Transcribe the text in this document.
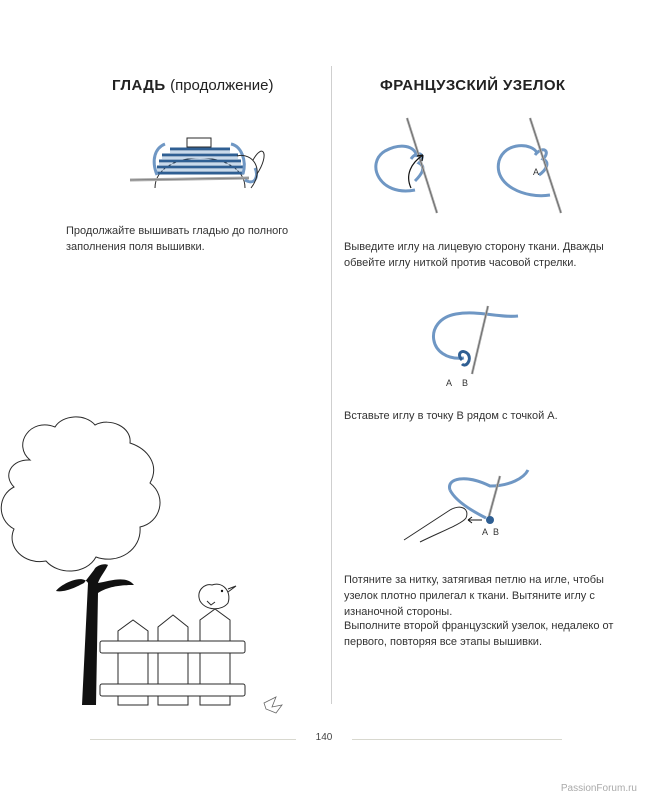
ГЛАДЬ (продолжение)	ФРАНЦУЗСКИЙ УЗЕЛОК
Продолжайте вышивать гладью до полного заполнения поля вышивки.
A
Выведите иглу на лицевую сторону ткани. Дважды обвейте иглу ниткой против часовой стрелки.
A B
Вставьте иглу в точку B рядом с точкой A.
A B
Потяните за нитку, затягивая петлю на игле, чтобы узелок плотно прилегал к ткани. Вытяните иглу с изнаночной стороны.
Выполните второй французский узелок, недалеко от первого, повторяя все этапы вышивки.
140
PassionForum.ru
